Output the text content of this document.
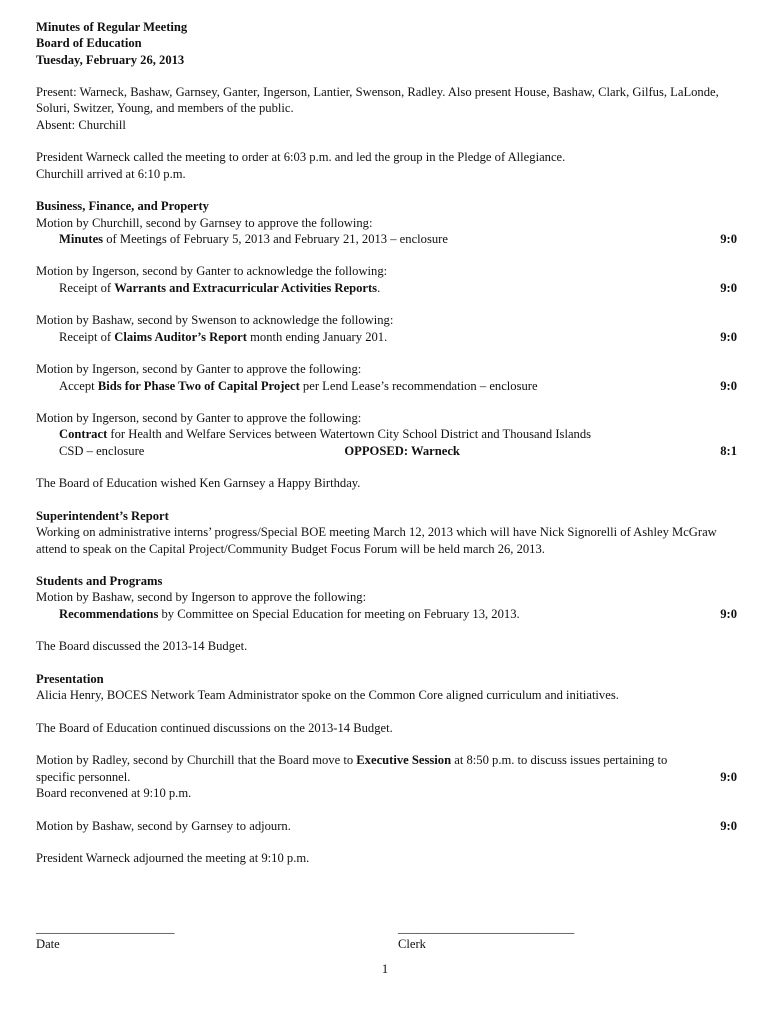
Minutes of Regular Meeting
Board of Education
Tuesday, February 26, 2013
Present: Warneck, Bashaw, Garnsey, Ganter, Ingerson, Lantier, Swenson, Radley. Also present House, Bashaw, Clark, Gilfus, LaLonde, Soluri, Switzer, Young, and members of the public.
Absent: Churchill
President Warneck called the meeting to order at 6:03 p.m. and led the group in the Pledge of Allegiance.
Churchill arrived at 6:10 p.m.
Business, Finance, and Property
Motion by Churchill, second by Garnsey to approve the following:
Minutes of Meetings of February 5, 2013 and February 21, 2013 – enclosure	9:0
Motion by Ingerson, second by Ganter to acknowledge the following:
Receipt of Warrants and Extracurricular Activities Reports.	9:0
Motion by Bashaw, second by Swenson to acknowledge the following:
Receipt of Claims Auditor’s Report month ending January 201.	9:0
Motion by Ingerson, second by Ganter to approve the following:
Accept Bids for Phase Two of Capital Project per Lend Lease’s recommendation – enclosure	9:0
Motion by Ingerson, second by Ganter to approve the following:
Contract for Health and Welfare Services between Watertown City School District and Thousand Islands
CSD – enclosure	OPPOSED: Warneck	8:1
The Board of Education wished Ken Garnsey a Happy Birthday.
Superintendent’s Report
Working on administrative interns’ progress/Special BOE meeting March 12, 2013 which will have Nick Signorelli of Ashley McGraw attend to speak on the Capital Project/Community Budget Focus Forum will be held march 26, 2013.
Students and Programs
Motion by Bashaw, second by Ingerson to approve the following:
Recommendations by Committee on Special Education for meeting on February 13, 2013.	9:0
The Board discussed the 2013-14 Budget.
Presentation
Alicia Henry, BOCES Network Team Administrator spoke on the Common Core aligned curriculum and initiatives.
The Board of Education continued discussions on the 2013-14 Budget.
Motion by Radley, second by Churchill that the Board move to Executive Session at 8:50 p.m. to discuss issues pertaining to
specific personnel.	9:0
Board reconvened at 9:10 p.m.
Motion by Bashaw, second by Garnsey to adjourn.	9:0
President Warneck adjourned the meeting at 9:10 p.m.
______________________
Date
____________________________
Clerk
1
